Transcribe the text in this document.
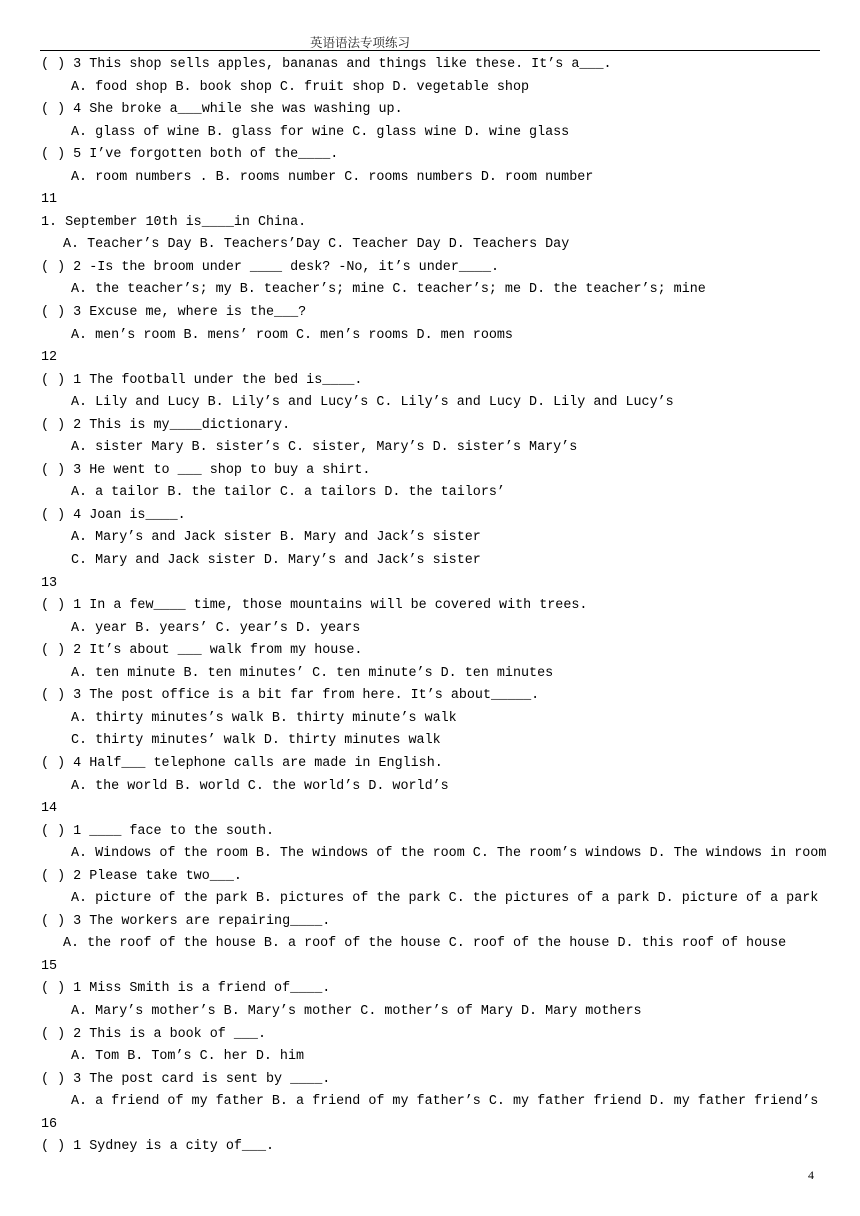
英语语法专项练习
( ) 3 This shop sells apples, bananas and things like these. It’s a___.
A. food shop B. book shop C. fruit shop D. vegetable shop
( ) 4 She broke a___while she was washing up.
A. glass of wine B. glass for wine C. glass wine D. wine glass
( ) 5 I’ve forgotten both of the____.
A. room numbers . B. rooms number C. rooms numbers D. room number
11
1. September 10th is____in China.
A. Teacher’s Day B. Teachers’Day C. Teacher Day D. Teachers Day
( ) 2 -Is the broom under ____ desk? -No, it’s under____.
A. the teacher’s; my B. teacher’s; mine C. teacher’s; me D. the teacher’s; mine
( ) 3 Excuse me, where is the___?
A. men’s room B. mens’ room C. men’s rooms D. men rooms
12
( ) 1 The football under the bed is____.
A. Lily and Lucy B. Lily’s and Lucy’s C. Lily’s and Lucy D. Lily and Lucy’s
( ) 2 This is my____dictionary.
A. sister Mary B. sister’s C. sister, Mary’s D. sister’s Mary’s
( ) 3 He went to ___ shop to buy a shirt.
A. a tailor B. the tailor C. a tailors D. the tailors’
( ) 4 Joan is____.
A. Mary’s and Jack sister B. Mary and Jack’s sister
C. Mary and Jack sister D. Mary’s and Jack’s sister
13
( ) 1 In a few____ time, those mountains will be covered with trees.
A. year B. years’ C. year’s D. years
( ) 2 It’s about ___ walk from my house.
A. ten minute B. ten minutes’ C. ten minute’s D. ten minutes
( ) 3 The post office is a bit far from here. It’s about_____.
A. thirty minutes’s walk B. thirty minute’s walk
C. thirty minutes’ walk D. thirty minutes walk
( ) 4 Half___ telephone calls are made in English.
A. the world B. world C. the world’s D. world’s
14
( ) 1 ____ face to the south.
A. Windows of the room B. The windows of the room C. The room’s windows D. The windows in room
( ) 2 Please take two___.
A. picture of the park B. pictures of the park C. the pictures of a park D. picture of a park
( ) 3 The workers are repairing____.
A. the roof of the house B. a roof of the house C. roof of the house D. this roof of house
15
( ) 1 Miss Smith is a friend of____.
A. Mary’s mother’s B. Mary’s mother C. mother’s of Mary D. Mary mothers
( ) 2 This is a book of ___.
A. Tom B. Tom’s C. her D. him
( ) 3 The post card is sent by ____.
A. a friend of my father B. a friend of my father’s C. my father friend D. my father friend’s
16
( ) 1 Sydney is a city of___.
4
